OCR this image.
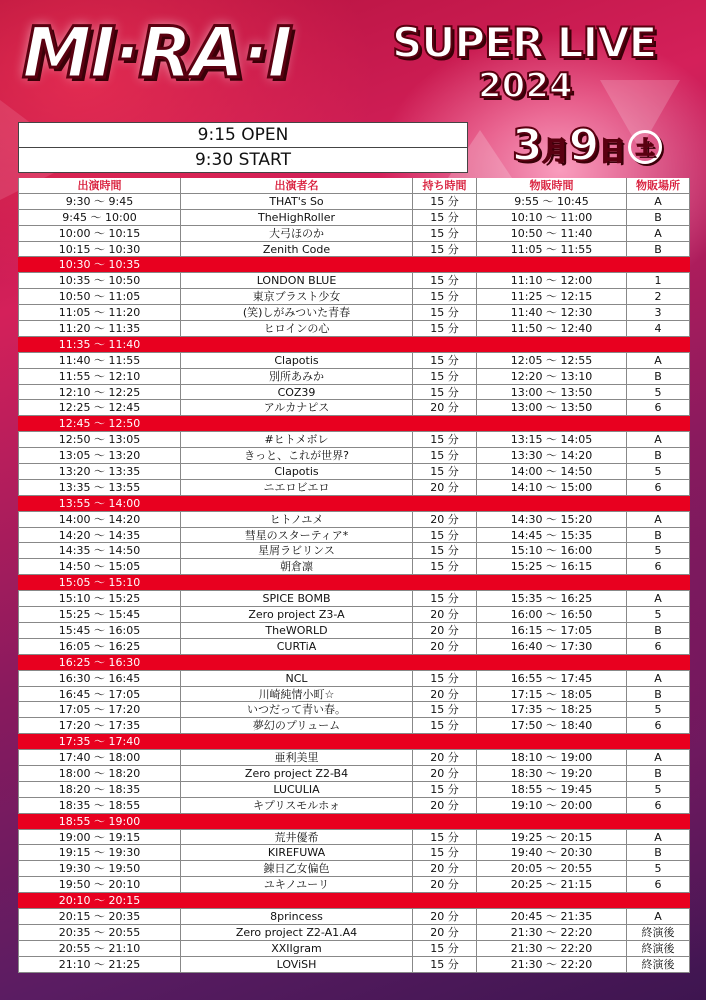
MI·RA·I SUPER LIVE
2024
9:15 OPEN
9:30 START	3 月 9 日 土
出演時間	出演者名	持ち時間	物販時間	物販場所
9:30 ～ 9:45	THAT's So	15 分	9:55 ～ 10:45	A
9:45 ～ 10:00	TheHighRoller	15 分	10:10 ～ 11:00	B
10:00 ～ 10:15	大弓ほのか	15 分	10:50 ～ 11:40	A
10:15 ～ 10:30	Zenith Code	15 分	11:05 ～ 11:55	B
10:30 ～ 10:35
10:35 ～ 10:50	LONDON BLUE	15 分	11:10 ～ 12:00	1
10:50 ～ 11:05	東京ブラスト少女	15 分	11:25 ～ 12:15	2
11:05 ～ 11:20	(笑)しがみついた青春	15 分	11:40 ～ 12:30	3
11:20 ～ 11:35	ヒロインの心	15 分	11:50 ～ 12:40	4
11:35 ～ 11:40
11:40 ～ 11:55	Clapotis	15 分	12:05 ～ 12:55	A
11:55 ～ 12:10	別所あみか	15 分	12:20 ～ 13:10	B
12:10 ～ 12:25	COZ39	15 分	13:00 ～ 13:50	5
12:25 ～ 12:45	アルカナピス	20 分	13:00 ～ 13:50	6
12:45 ～ 12:50
12:50 ～ 13:05	#ヒトメボレ	15 分	13:15 ～ 14:05	A
13:05 ～ 13:20	きっと、これが世界?	15 分	13:30 ～ 14:20	B
13:20 ～ 13:35	Clapotis	15 分	14:00 ～ 14:50	5
13:35 ～ 13:55	ニエロビエロ	20 分	14:10 ～ 15:00	6
13:55 ～ 14:00
14:00 ～ 14:20	ヒトノユメ	20 分	14:30 ～ 15:20	A
14:20 ～ 14:35	彗星のスターティア*	15 分	14:45 ～ 15:35	B
14:35 ～ 14:50	星屑ラビリンス	15 分	15:10 ～ 16:00	5
14:50 ～ 15:05	朝倉凛	15 分	15:25 ～ 16:15	6
15:05 ～ 15:10
15:10 ～ 15:25	SPICE BOMB	15 分	15:35 ～ 16:25	A
15:25 ～ 15:45	Zero project Z3-A	20 分	16:00 ～ 16:50	5
15:45 ～ 16:05	TheWORLD	20 分	16:15 ～ 17:05	B
16:05 ～ 16:25	CURTiA	20 分	16:40 ～ 17:30	6
16:25 ～ 16:30
16:30 ～ 16:45	NCL	15 分	16:55 ～ 17:45	A
16:45 ～ 17:05	川崎純情小町☆	20 分	17:15 ～ 18:05	B
17:05 ～ 17:20	いつだって青い春。	15 分	17:35 ～ 18:25	5
17:20 ～ 17:35	夢幻のプリューム	15 分	17:50 ～ 18:40	6
17:35 ～ 17:40
17:40 ～ 18:00	亜利美里	20 分	18:10 ～ 19:00	A
18:00 ～ 18:20	Zero project Z2-B4	20 分	18:30 ～ 19:20	B
18:20 ～ 18:35	LUCULIA	15 分	18:55 ～ 19:45	5
18:35 ～ 18:55	キプリスモルホォ	20 分	19:10 ～ 20:00	6
18:55 ～ 19:00
19:00 ～ 19:15	荒井優希	15 分	19:25 ～ 20:15	A
19:15 ～ 19:30	KIREFUWA	15 分	19:40 ～ 20:30	B
19:30 ～ 19:50	錬日乙女偏色	20 分	20:05 ～ 20:55	5
19:50 ～ 20:10	ユキノユーリ	20 分	20:25 ～ 21:15	6
20:10 ～ 20:15
20:15 ～ 20:35	8princess	20 分	20:45 ～ 21:35	A
20:35 ～ 20:55	Zero project Z2-A1.A4	20 分	21:30 ～ 22:20	終演後
20:55 ～ 21:10	XXIIgram	15 分	21:30 ～ 22:20	終演後
21:10 ～ 21:25	LOViSH	15 分	21:30 ～ 22:20	終演後
